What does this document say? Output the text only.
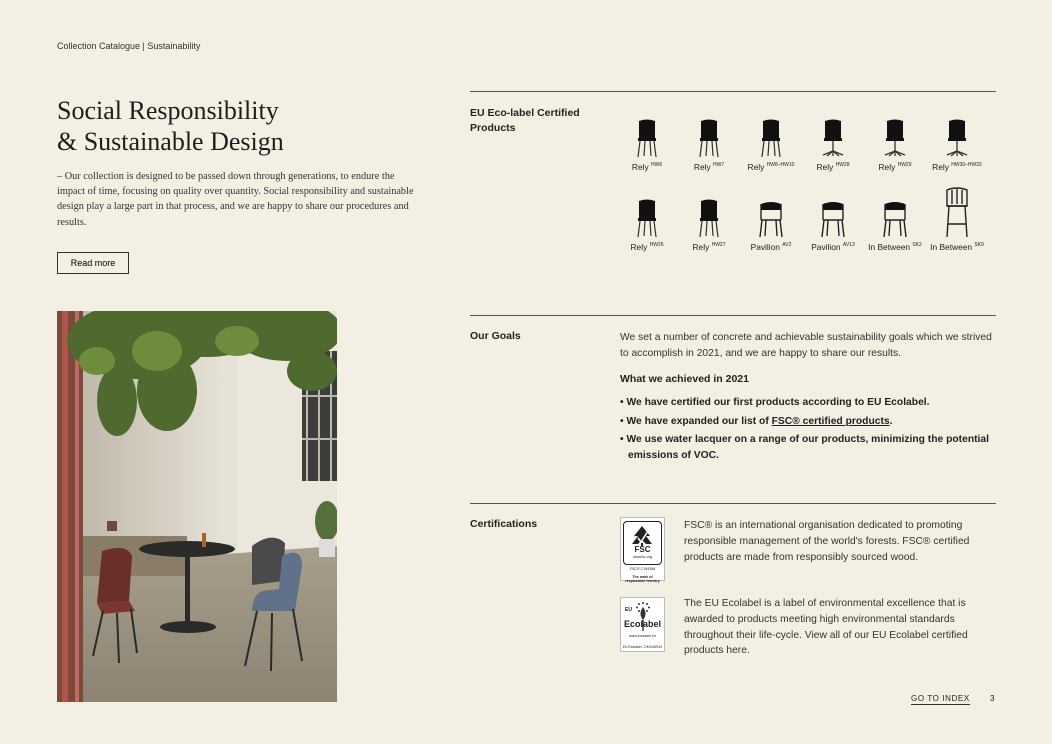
Collection Catalogue | Sustainability
Social Responsibility
& Sustainable Design

– Our collection is designed to be passed down through generations, to endure the impact of time, focusing on quality over quantity. Social responsibility and sustainable design play a large part in that process, and we are happy to share our procedures and results.

Read more
EU Eco-label Certified Products
Rely $^{HW6}$	Rely $^{HW7}$	Rely $^{HW8-HW10}$	Rely $^{HW28}$	Rely $^{HW29}$	Rely $^{HW30-HW32}$
Rely $^{HW26}$	Rely $^{HW27}$	Pavilion $^{AV2}$	Pavilion $^{AV13}$	In Between $^{SK2}$ In Between $^{SK9}$
Our Goals	We set a number of concrete and achievable sustainability goals which we strived to accomplish in 2021, and we are happy to share our results.

What we achieved in 2021
• We have certified our first products according to EU Ecolabel.
• We have expanded our list of FSC® certified products.
• We use water lacquer on a range of our products, minimizing the potential emissions of VOC.
Certifications
FSC
www.fsc.org
FSC® C194398
The mark of responsible forestry

FSC® is an international organisation dedicated to promoting responsible management of the world's forests. FSC® certified products are made from responsibly sourced wood.

EU
Ecolabel
www.ecolabel.eu
EU Ecolabel : DK/049/019

The EU Ecolabel is a label of environmental excellence that is awarded to products meeting high environmental standards throughout their life-cycle. View all of our EU Ecolabel certified products here.

GO TO INDEX	3
